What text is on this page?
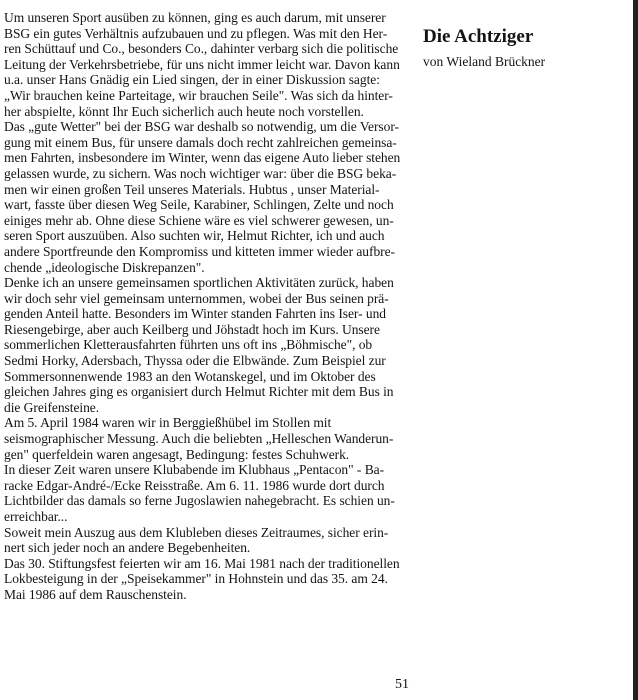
Die Achtziger
von Wieland Brückner
Um unseren Sport ausüben zu können, ging es auch darum, mit unserer
BSG ein gutes Verhältnis aufzubauen und zu pflegen. Was mit den Her-
ren Schüttauf und Co., besonders Co., dahinter verbarg sich die politische
Leitung der Verkehrsbetriebe, für uns nicht immer leicht war. Davon kann
u.a. unser Hans Gnädig ein Lied singen, der in einer Diskussion sagte:
„Wir brauchen keine Parteitage, wir brauchen Seile". Was sich da hinter-
her abspielte, könnt Ihr Euch sicherlich auch heute noch vorstellen.
Das „gute Wetter" bei der BSG war deshalb so notwendig, um die Versor-
gung mit einem Bus, für unsere damals doch recht zahlreichen gemeinsa-
men Fahrten, insbesondere im Winter, wenn das eigene Auto lieber stehen
gelassen wurde, zu sichern. Was noch wichtiger war: über die BSG beka-
men wir einen großen Teil unseres Materials. Hubtus , unser Material-
wart, fasste über diesen Weg Seile, Karabiner, Schlingen, Zelte und noch
einiges mehr ab. Ohne diese Schiene wäre es viel schwerer gewesen, un-
seren Sport auszuüben. Also suchten wir, Helmut Richter, ich und auch
andere Sportfreunde den Kompromiss und kitteten immer wieder aufbre-
chende „ideologische Diskrepanzen".
Denke ich an unsere gemeinsamen sportlichen Aktivitäten zurück, haben
wir doch sehr viel gemeinsam unternommen, wobei der Bus seinen prä-
genden Anteil hatte. Besonders im Winter standen Fahrten ins Iser- und
Riesengebirge, aber auch Keilberg und Jöhstadt hoch im Kurs. Unsere
sommerlichen Kletterausfahrten führten uns oft ins „Böhmische", ob
Sedmi Horky, Adersbach, Thyssa oder die Elbwände. Zum Beispiel zur
Sommersonnenwende 1983 an den Wotanskegel, und im Oktober des
gleichen Jahres ging es organisiert durch Helmut Richter mit dem Bus in
die Greifensteine.
Am 5. April 1984 waren wir in Berggießhübel im Stollen mit
seismographischer Messung. Auch die beliebten „Helleschen Wanderun-
gen" querfeldein waren angesagt, Bedingung: festes Schuhwerk.
In dieser Zeit waren unsere Klubabende im Klubhaus „Pentacon" - Ba-
racke Edgar-André-/Ecke Reisstraße. Am 6. 11. 1986 wurde dort durch
Lichtbilder das damals so ferne Jugoslawien nahegebracht. Es schien un-
erreichbar...
Soweit mein Auszug aus dem Klubleben dieses Zeitraumes, sicher erin-
nert sich jeder noch an andere Begebenheiten.
Das 30. Stiftungsfest feierten wir am 16. Mai 1981 nach der traditionellen
Lokbesteigung in der „Speisekammer" in Hohnstein und das 35. am 24.
Mai 1986 auf dem Rauschenstein.
51
